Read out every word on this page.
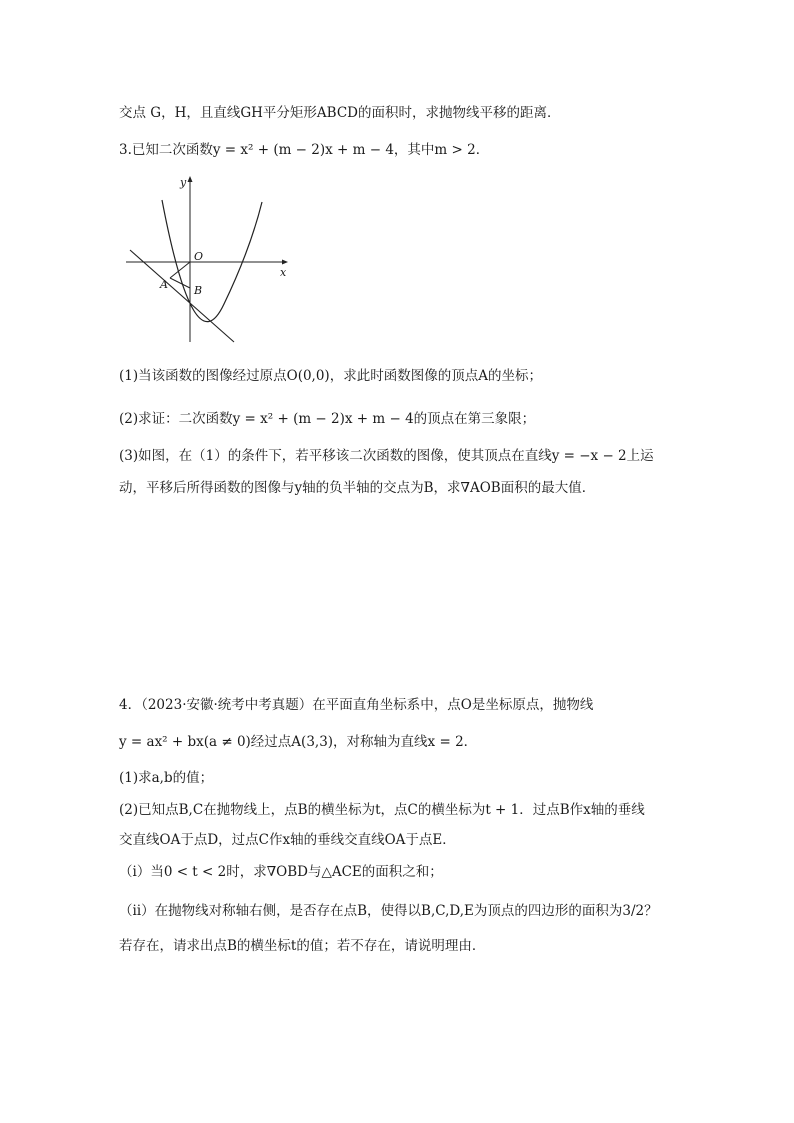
交点 G，H，且直线GH平分矩形ABCD的面积时，求抛物线平移的距离．
3.已知二次函数y = x² + (m − 2)x + m − 4，其中m > 2．
y
x
O
A B
(1)当该函数的图像经过原点O(0,0)，求此时函数图像的顶点A的坐标；
(2)求证：二次函数y = x² + (m − 2)x + m − 4的顶点在第三象限；
(3)如图，在（1）的条件下，若平移该二次函数的图像，使其顶点在直线y = −x − 2上运
动，平移后所得函数的图像与y轴的负半轴的交点为B，求∇AOB面积的最大值．
4．（2023·安徽·统考中考真题）在平面直角坐标系中，点O是坐标原点，抛物线
y = ax² + bx(a ≠ 0)经过点A(3,3)，对称轴为直线x = 2．
(1)求a,b的值；
(2)已知点B,C在抛物线上，点B的横坐标为t，点C的横坐标为t + 1．过点B作x轴的垂线
交直线OA于点D，过点C作x轴的垂线交直线OA于点E．
（ⅰ）当0 < t < 2时，求∇OBD与△ACE的面积之和；
（ⅱ）在抛物线对称轴右侧，是否存在点B，使得以B,C,D,E为顶点的四边形的面积为3/2？
若存在，请求出点B的横坐标t的值；若不存在，请说明理由．
